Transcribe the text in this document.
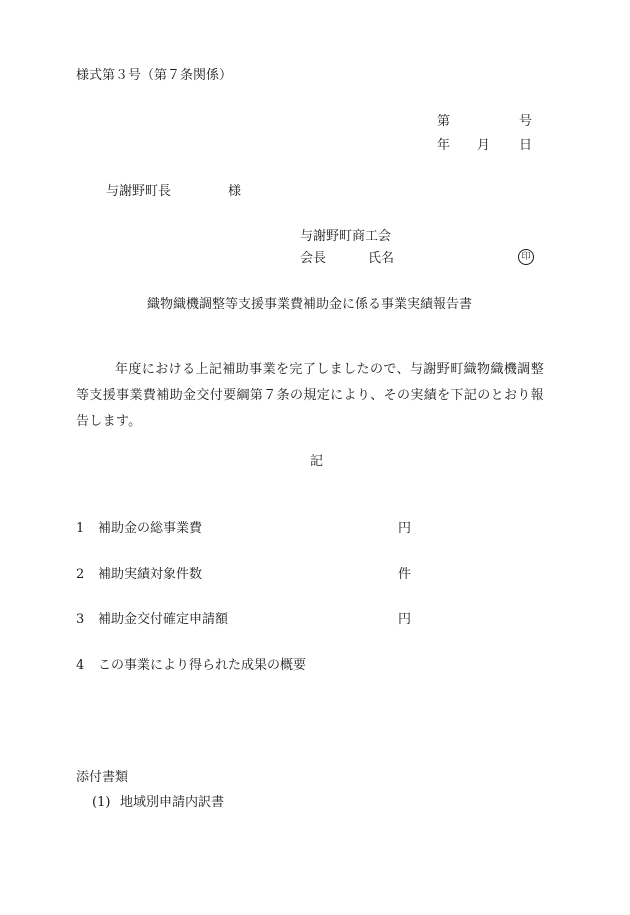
様式第３号（第７条関係）
第	号
年 月 日
与謝野町長	様
与謝野町商工会
会長	氏名	印
織物織機調整等支援事業費補助金に係る事業実績報告書
年度における上記補助事業を完了しましたので、与謝野町織物織機調整等支援事業費補助金交付要綱第７条の規定により、その実績を下記のとおり報告します。
記
1 補助金の総事業費	円
2 補助実績対象件数	件
3 補助金交付確定申請額	円
4 この事業により得られた成果の概要
添付書類
(1) 地域別申請内訳書
